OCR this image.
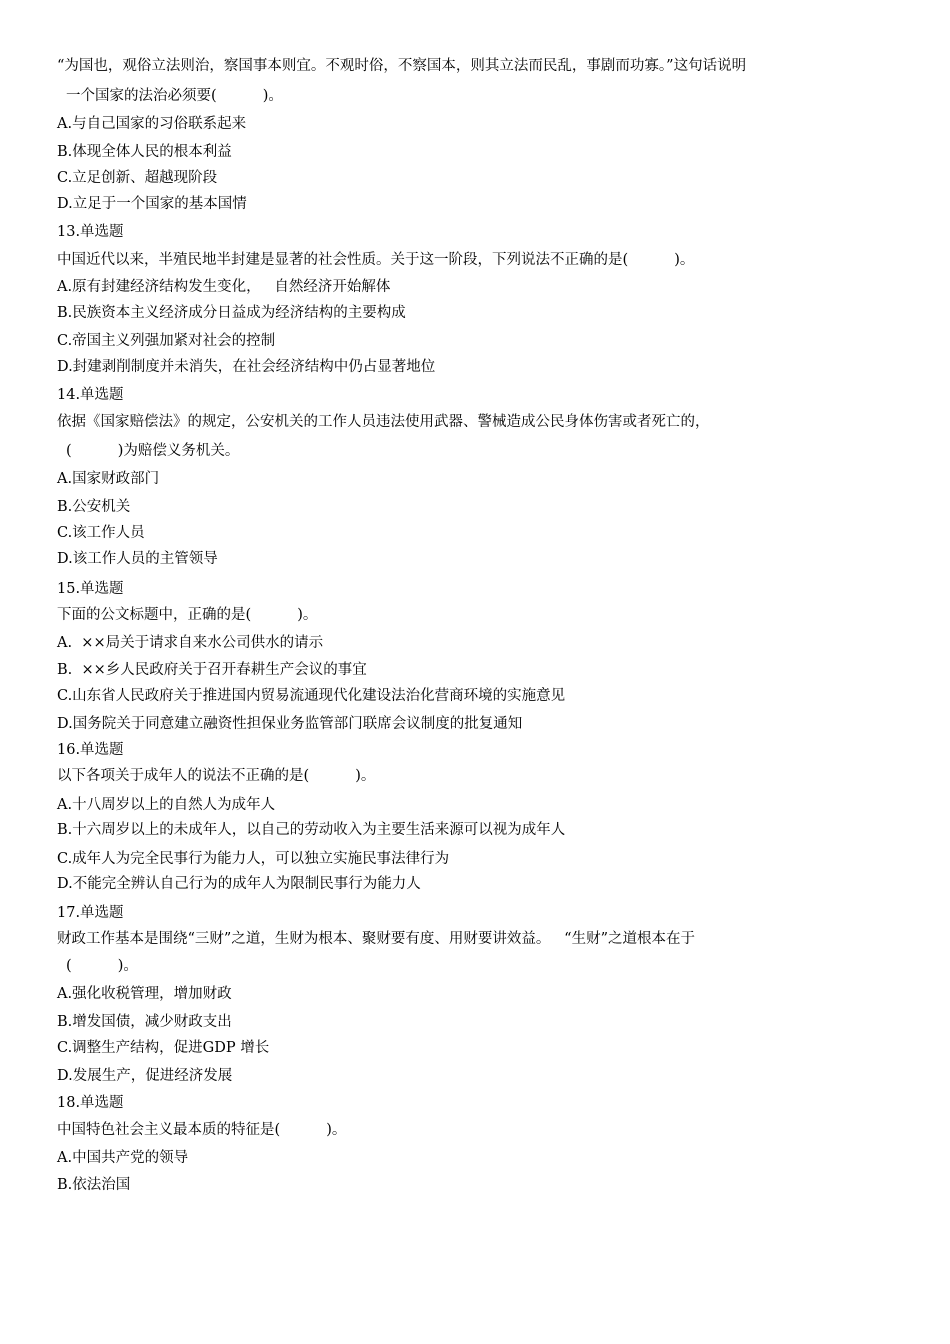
“为国也，观俗立法则治，察国事本则宜。不观时俗，不察国本，则其立法而民乱，事剧而功寡。”这句话说明

一个国家的法治必须要(          )。

A.与自己国家的习俗联系起来

B.体现全体人民的根本利益

C.立足创新、超越现阶段

D.立足于一个国家的基本国情

13.单选题

中国近代以来，半殖民地半封建是显著的社会性质。关于这一阶段，下列说法不正确的是(          )。

A.原有封建经济结构发生变化，   自然经济开始解体

B.民族资本主义经济成分日益成为经济结构的主要构成

C.帝国主义列强加紧对社会的控制

D.封建剥削制度并未消失，在社会经济结构中仍占显著地位

14.单选题

依据《国家赔偿法》的规定，公安机关的工作人员违法使用武器、警械造成公民身体伤害或者死亡的，

(          )为赔偿义务机关。

A.国家财政部门

B.公安机关

C.该工作人员

D.该工作人员的主管领导

15.单选题

下面的公文标题中，正确的是(          )。

A.  ××局关于请求自来水公司供水的请示

B.  ××乡人民政府关于召开春耕生产会议的事宜

C.山东省人民政府关于推进国内贸易流通现代化建设法治化营商环境的实施意见

D.国务院关于同意建立融资性担保业务监管部门联席会议制度的批复通知

16.单选题

以下各项关于成年人的说法不正确的是(          )。

A.十八周岁以上的自然人为成年人

B.十六周岁以上的未成年人，以自己的劳动收入为主要生活来源可以视为成年人

C.成年人为完全民事行为能力人，可以独立实施民事法律行为

D.不能完全辨认自己行为的成年人为限制民事行为能力人

17.单选题

财政工作基本是围绕“三财”之道，生财为根本、聚财要有度、用财要讲效益。   “生财”之道根本在于

(          )。

A.强化收税管理，增加财政

B.增发国债，减少财政支出

C.调整生产结构，促进GDP 增长

D.发展生产，促进经济发展

18.单选题

中国特色社会主义最本质的特征是(          )。

A.中国共产党的领导

B.依法治国
